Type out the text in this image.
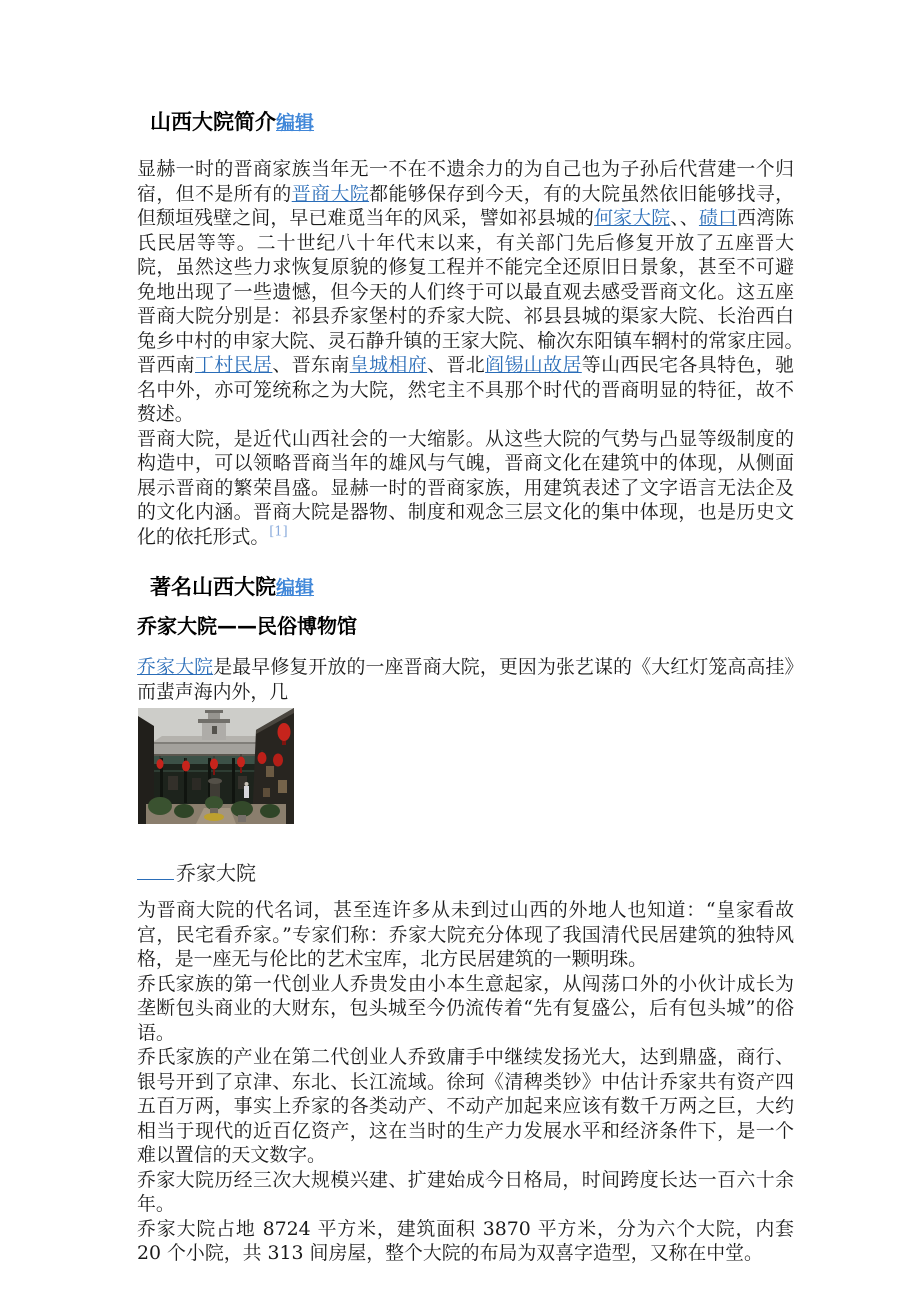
山西大院简介编辑

显赫一时的晋商家族当年无一不在不遗余力的为自己也为子孙后代营建一个归宿，但不是所有的晋商大院都能够保存到今天，有的大院虽然依旧能够找寻，但颓垣残壁之间，早已难觅当年的风采，譬如祁县城的何家大院、、碛口西湾陈氏民居等等。二十世纪八十年代末以来，有关部门先后修复开放了五座晋大院，虽然这些力求恢复原貌的修复工程并不能完全还原旧日景象，甚至不可避免地出现了一些遗憾，但今天的人们终于可以最直观去感受晋商文化。这五座晋商大院分别是：祁县乔家堡村的乔家大院、祁县县城的渠家大院、长治西白兔乡中村的申家大院、灵石静升镇的王家大院、榆次东阳镇车辋村的常家庄园。　晋西南丁村民居、晋东南皇城相府、晋北阎锡山故居等山西民宅各具特色，驰名中外，亦可笼统称之为大院，然宅主不具那个时代的晋商明显的特征，故不赘述。

晋商大院，是近代山西社会的一大缩影。从这些大院的气势与凸显等级制度的构造中，可以领略晋商当年的雄风与气魄，晋商文化在建筑中的体现，从侧面展示晋商的繁荣昌盛。显赫一时的晋商家族，用建筑表述了文字语言无法企及的文化内涵。晋商大院是器物、制度和观念三层文化的集中体现，也是历史文化的依托形式。[1]

著名山西大院编辑
乔家大院——民俗博物馆

乔家大院是最早修复开放的一座晋商大院，更因为张艺谋的《大红灯笼高高挂》而蜚声海内外，几

乔家大院

为晋商大院的代名词，甚至连许多从未到过山西的外地人也知道：“皇家看故宫，民宅看乔家。”专家们称：乔家大院充分体现了我国清代民居建筑的独特风格，是一座无与伦比的艺术宝库，北方民居建筑的一颗明珠。

乔氏家族的第一代创业人乔贵发由小本生意起家，从闯荡口外的小伙计成长为垄断包头商业的大财东，包头城至今仍流传着“先有复盛公，后有包头城”的俗语。

乔氏家族的产业在第二代创业人乔致庸手中继续发扬光大，达到鼎盛，商行、银号开到了京津、东北、长江流域。徐珂《清稗类钞》中估计乔家共有资产四五百万两，事实上乔家的各类动产、不动产加起来应该有数千万两之巨，大约相当于现代的近百亿资产，这在当时的生产力发展水平和经济条件下，是一个难以置信的天文数字。

乔家大院历经三次大规模兴建、扩建始成今日格局，时间跨度长达一百六十余年。

乔家大院占地 8724 平方米，建筑面积 3870 平方米，分为六个大院，内套 20 个小院，共 313 间房屋，整个大院的布局为双喜字造型，又称在中堂。
